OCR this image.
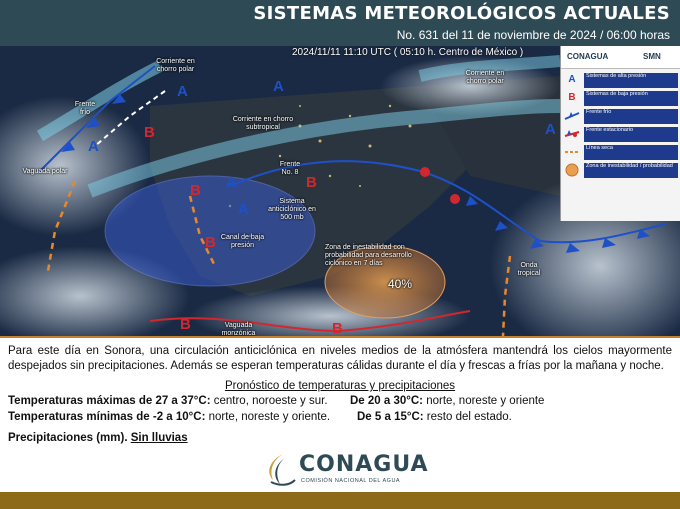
SISTEMAS METEOROLÓGICOS ACTUALES
No. 631 del 11 de noviembre de 2024 / 06:00 horas
2024/11/11 11:10 UTC ( 05:10 h. Centro de México )
A	A
A
A
A
A
B
B	B
B
B	B
Corriente en chorro polar
Corriente en chorro polar
Corriente en chorro subtropical
Frente frío
Vaguada polar
Frente No. 8
Sistema anticiclónico en 500 mb
Canal de baja presión	Zona de inestabilidad con probabilidad para desarrollo ciclónico en 7 días
40%
Onda tropical
Vaguada monzónica
CONAGUA	SMN
A	Sistemas de alta presión
B	Sistemas de baja presión
Frente frío
Frente estacionario
Línea seca
Zona de inestabilidad / probabilidad
Para este día en Sonora, una circulación anticiclónica en niveles medios de la atmósfera mantendrá los cielos mayormente despejados sin precipitaciones. Además se esperan temperaturas cálidas durante el día y frescas a frías por la mañana y noche.
Pronóstico de temperaturas y precipitaciones
Temperaturas máximas de 27 a 37°C: centro, noroeste y sur. De 20 a 30°C: norte, noreste y oriente
Temperaturas mínimas de -2 a 10°C: norte, noreste y oriente. De 5 a 15°C: resto del estado.
Precipitaciones (mm). Sin lluvias
CONAGUA
COMISIÓN NACIONAL DEL AGUA
